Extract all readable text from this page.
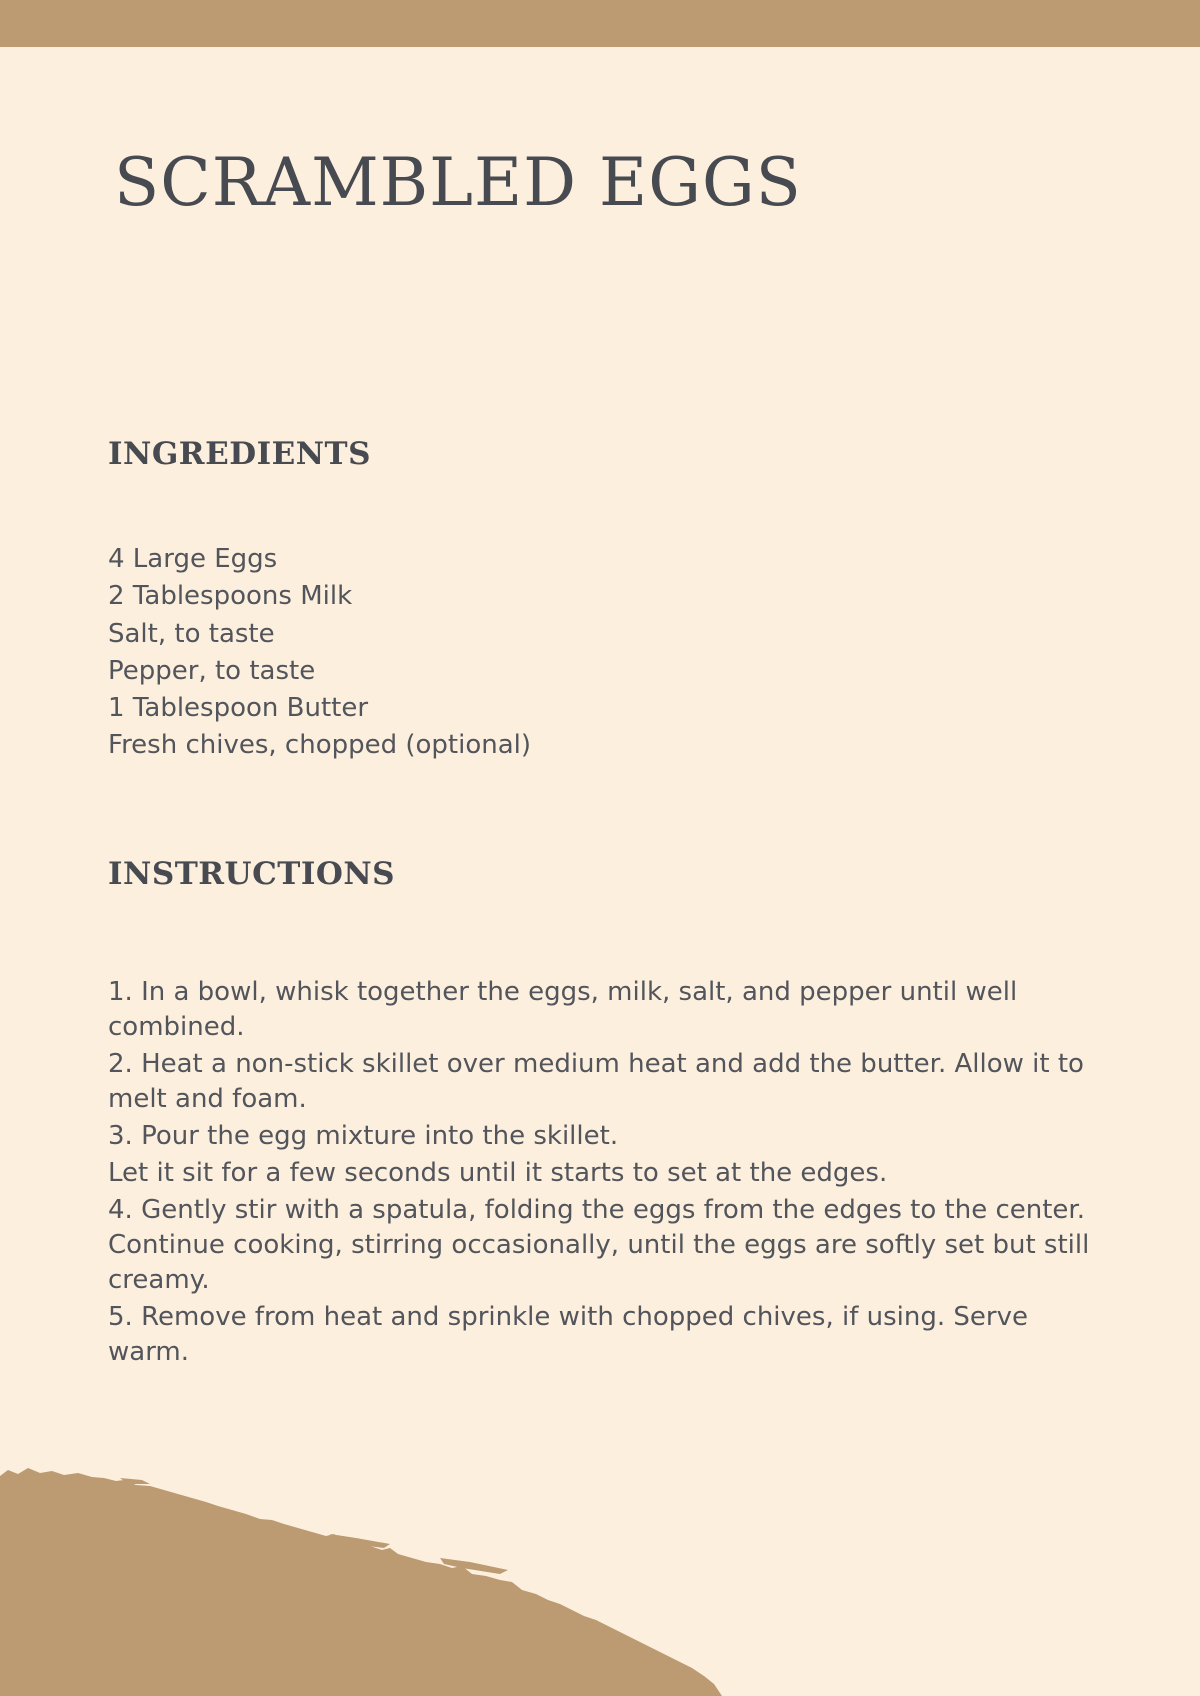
SCRAMBLED EGGS
INGREDIENTS
4 Large Eggs
2 Tablespoons Milk
Salt, to taste
Pepper, to taste
1 Tablespoon Butter
Fresh chives, chopped (optional)
INSTRUCTIONS

1. In a bowl, whisk together the eggs, milk, salt, and pepper until well combined.

2. Heat a non-stick skillet over medium heat and add the butter. Allow it to melt and foam.

3. Pour the egg mixture into the skillet.

Let it sit for a few seconds until it starts to set at the edges.

4. Gently stir with a spatula, folding the eggs from the edges to the center. Continue cooking, stirring occasionally, until the eggs are softly set but still creamy.

5. Remove from heat and sprinkle with chopped chives, if using. Serve warm.
